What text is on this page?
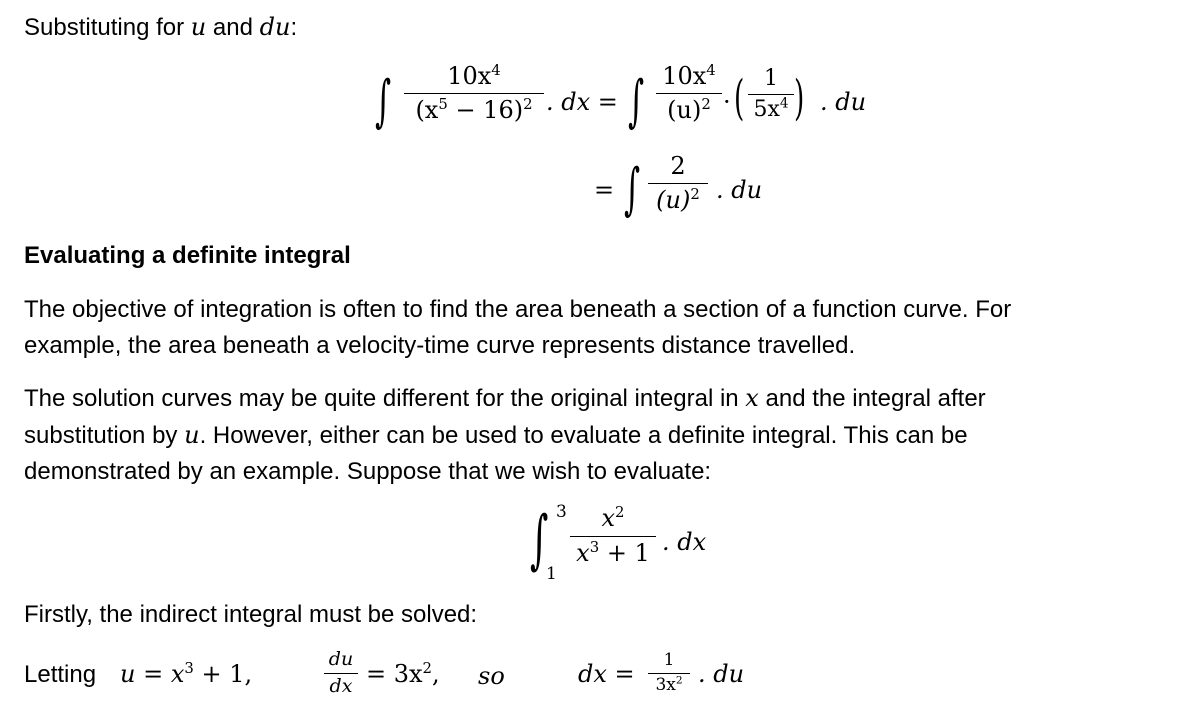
Substituting for u and du:
∫	$10x^4$
$(x^5 - 16)^2$ . dx = ∫ $10x^4$
$(u)^2$ · ( 1
$5x^4$ ) . du
= ∫	2
$(u)^2$ . du
Evaluating a definite integral
The objective of integration is often to find the area beneath a section of a function curve. For
example, the area beneath a velocity-time curve represents distance travelled.
The solution curves may be quite different for the original integral in x and the integral after
substitution by u. However, either can be used to evaluate a definite integral. This can be
demonstrated by an example. Suppose that we wish to evaluate:
∫ 3
1
$x^2$
$x^3 + 1$ . dx
Firstly, the indirect integral must be solved:
Letting $u = x^3 + 1$,
du
dx = $3x^2$, so	dx =	1
$3x^2$ . du
